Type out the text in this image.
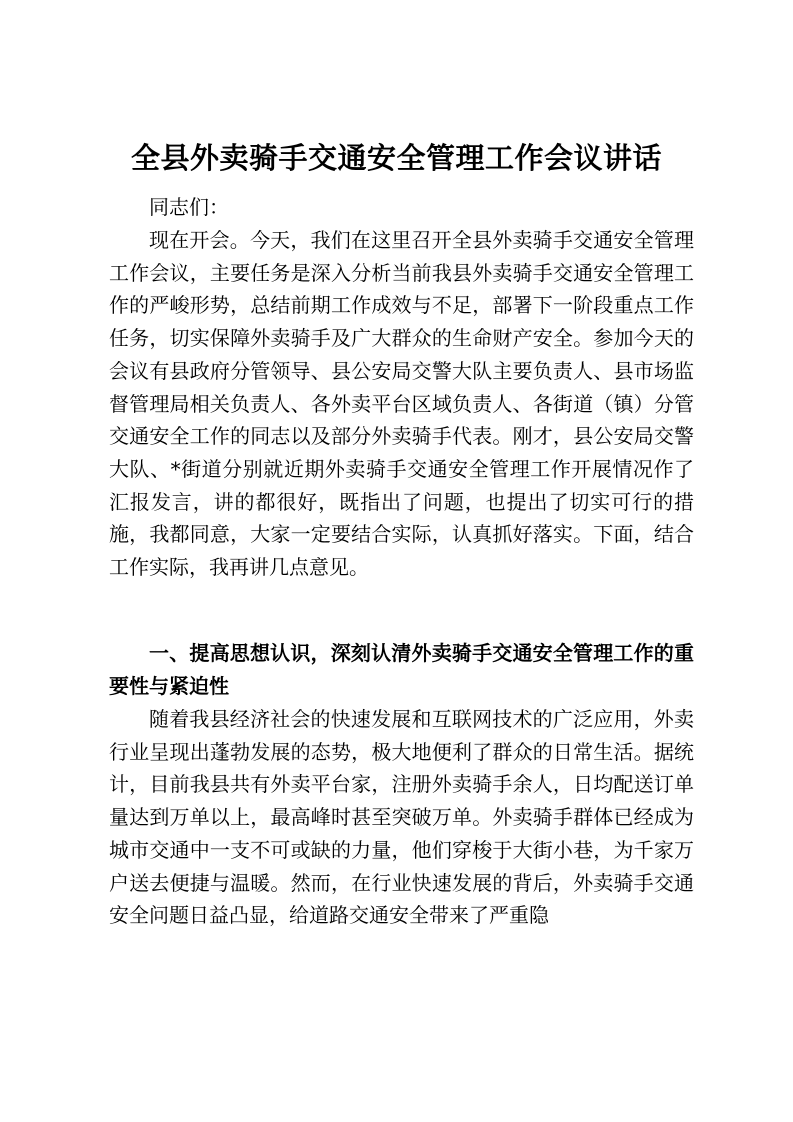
全县外卖骑手交通安全管理工作会议讲话
同志们：
现在开会。今天，我们在这里召开全县外卖骑手交通安全管理工作会议，主要任务是深入分析当前我县外卖骑手交通安全管理工作的严峻形势，总结前期工作成效与不足，部署下一阶段重点工作任务，切实保障外卖骑手及广大群众的生命财产安全。参加今天的会议有县政府分管领导、县公安局交警大队主要负责人、县市场监督管理局相关负责人、各外卖平台区域负责人、各街道（镇）分管交通安全工作的同志以及部分外卖骑手代表。刚才，县公安局交警大队、*街道分别就近期外卖骑手交通安全管理工作开展情况作了汇报发言，讲的都很好，既指出了问题，也提出了切实可行的措施，我都同意，大家一定要结合实际，认真抓好落实。下面，结合工作实际，我再讲几点意见。
一、提高思想认识，深刻认清外卖骑手交通安全管理工作的重要性与紧迫性
随着我县经济社会的快速发展和互联网技术的广泛应用，外卖行业呈现出蓬勃发展的态势，极大地便利了群众的日常生活。据统计，目前我县共有外卖平台家，注册外卖骑手余人，日均配送订单量达到万单以上，最高峰时甚至突破万单。外卖骑手群体已经成为城市交通中一支不可或缺的力量，他们穿梭于大街小巷，为千家万户送去便捷与温暖。然而，在行业快速发展的背后，外卖骑手交通安全问题日益凸显，给道路交通安全带来了严重隐
